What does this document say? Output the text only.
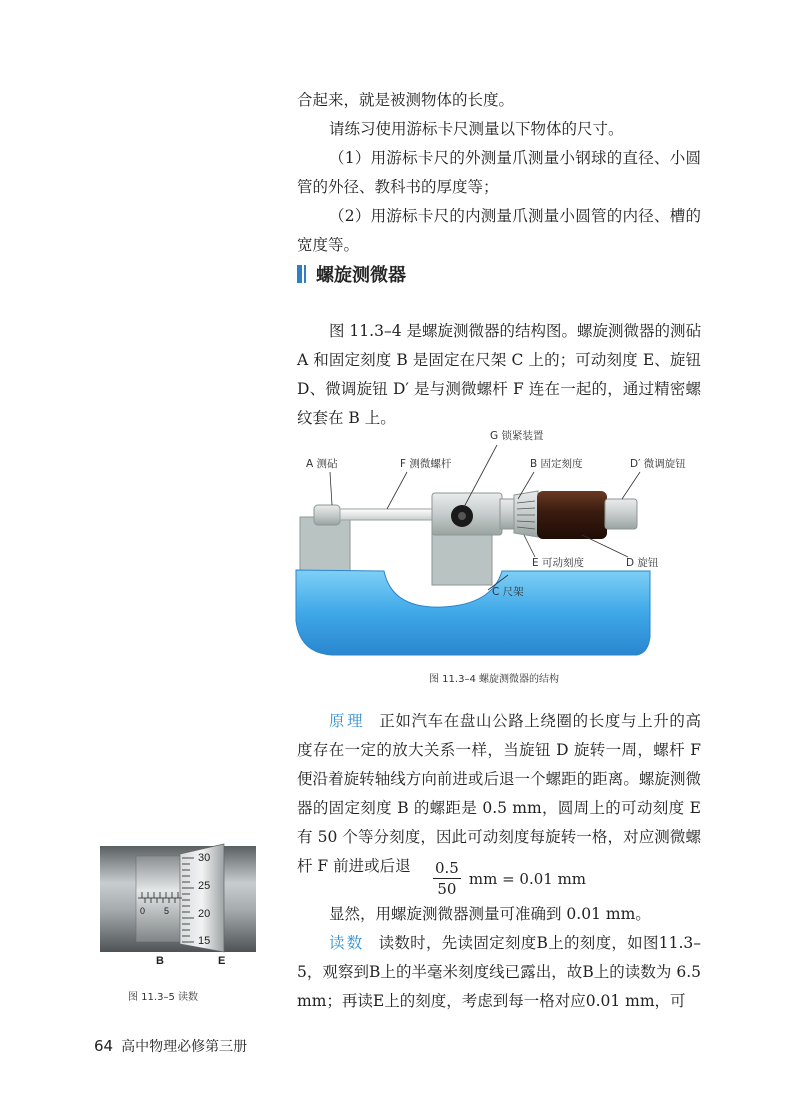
合起来，就是被测物体的长度。

请练习使用游标卡尺测量以下物体的尺寸。

（1）用游标卡尺的外测量爪测量小钢球的直径、小圆管的外径、教科书的厚度等；

（2）用游标卡尺的内测量爪测量小圆管的内径、槽的宽度等。

螺旋测微器

图 11.3–4 是螺旋测微器的结构图。螺旋测微器的测砧 A 和固定刻度 B 是固定在尺架 C 上的；可动刻度 E、旋钮 D、微调旋钮 D′ 是与测微螺杆 F 连在一起的，通过精密螺纹套在 B 上。

A 测砧	F 测微螺杆
G 锁紧装置
B 固定刻度	D′ 微调旋钮
E 可动刻度	D 旋钮
C 尺架
图 11.3–4 螺旋测微器的结构

原理 正如汽车在盘山公路上绕圈的长度与上升的高度存在一定的放大关系一样，当旋钮 D 旋转一周，螺杆 F 便沿着旋转轴线方向前进或后退一个螺距的距离。螺旋测微器的固定刻度 B 的螺距是 0.5 mm，圆周上的可动刻度 E 有 50 个等分刻度，因此可动刻度每旋转一格，对应测微螺杆 F 前进或后退	$\frac{0.5}{50}$ mm = 0.01 mm

显然，用螺旋测微器测量可准确到 0.01 mm。

读数 读数时，先读固定刻度B上的刻度，如图11.3–5，观察到B上的半毫米刻度线已露出，故B上的读数为 6.5 mm；再读E上的刻度，考虑到每一格对应0.01 mm，可

0 5
30
25
20
15
B	E
图 11.3–5 读数
64 高中物理必修第三册
